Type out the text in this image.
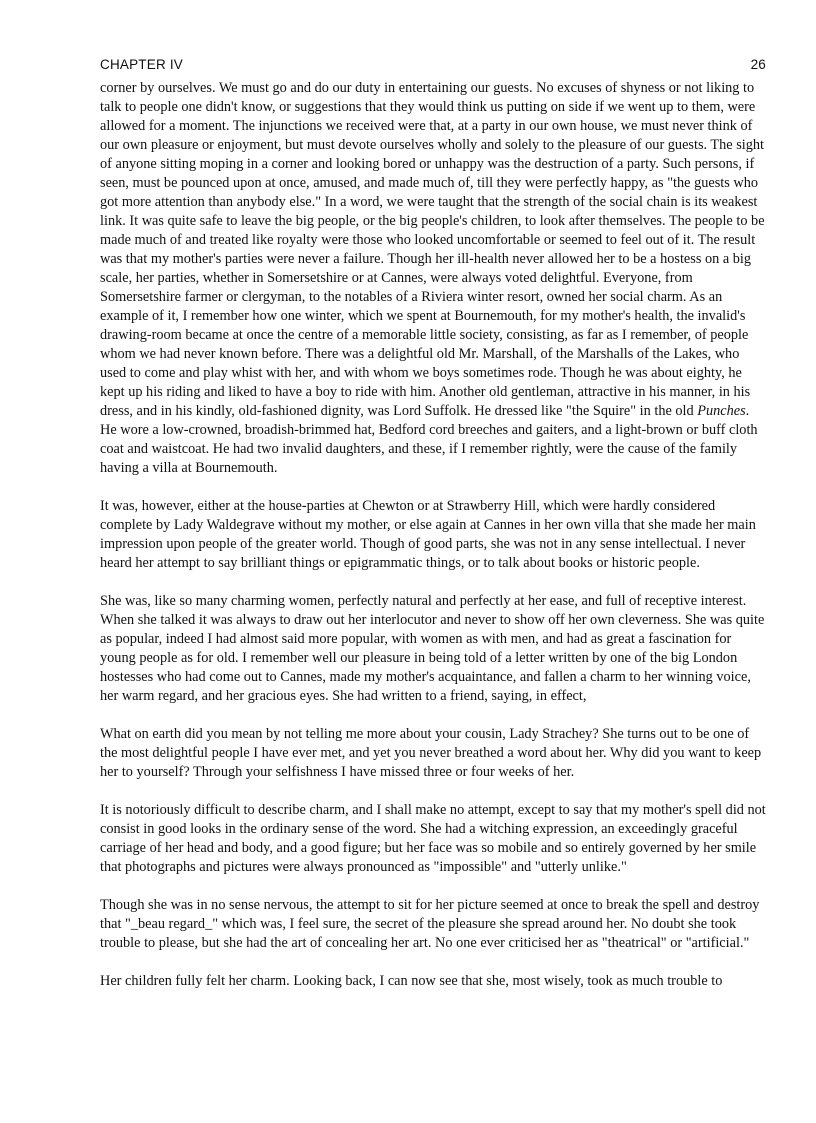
CHAPTER IV	26

corner by ourselves. We must go and do our duty in entertaining our guests. No excuses of shyness or not liking to talk to people one didn't know, or suggestions that they would think us putting on side if we went up to them, were allowed for a moment. The injunctions we received were that, at a party in our own house, we must never think of our own pleasure or enjoyment, but must devote ourselves wholly and solely to the pleasure of our guests. The sight of anyone sitting moping in a corner and looking bored or unhappy was the destruction of a party. Such persons, if seen, must be pounced upon at once, amused, and made much of, till they were perfectly happy, as "the guests who got more attention than anybody else." In a word, we were taught that the strength of the social chain is its weakest link. It was quite safe to leave the big people, or the big people's children, to look after themselves. The people to be made much of and treated like royalty were those who looked uncomfortable or seemed to feel out of it. The result was that my mother's parties were never a failure. Though her ill-health never allowed her to be a hostess on a big scale, her parties, whether in Somersetshire or at Cannes, were always voted delightful. Everyone, from Somersetshire farmer or clergyman, to the notables of a Riviera winter resort, owned her social charm. As an example of it, I remember how one winter, which we spent at Bournemouth, for my mother's health, the invalid's drawing-room became at once the centre of a memorable little society, consisting, as far as I remember, of people whom we had never known before. There was a delightful old Mr. Marshall, of the Marshalls of the Lakes, who used to come and play whist with her, and with whom we boys sometimes rode. Though he was about eighty, he kept up his riding and liked to have a boy to ride with him. Another old gentleman, attractive in his manner, in his dress, and in his kindly, old-fashioned dignity, was Lord Suffolk. He dressed like "the Squire" in the old Punches. He wore a low-crowned, broadish-brimmed hat, Bedford cord breeches and gaiters, and a light-brown or buff cloth coat and waistcoat. He had two invalid daughters, and these, if I remember rightly, were the cause of the family having a villa at Bournemouth.

It was, however, either at the house-parties at Chewton or at Strawberry Hill, which were hardly considered complete by Lady Waldegrave without my mother, or else again at Cannes in her own villa that she made her main impression upon people of the greater world. Though of good parts, she was not in any sense intellectual. I never heard her attempt to say brilliant things or epigrammatic things, or to talk about books or historic people.

She was, like so many charming women, perfectly natural and perfectly at her ease, and full of receptive interest. When she talked it was always to draw out her interlocutor and never to show off her own cleverness. She was quite as popular, indeed I had almost said more popular, with women as with men, and had as great a fascination for young people as for old. I remember well our pleasure in being told of a letter written by one of the big London hostesses who had come out to Cannes, made my mother's acquaintance, and fallen a charm to her winning voice, her warm regard, and her gracious eyes. She had written to a friend, saying, in effect,

What on earth did you mean by not telling me more about your cousin, Lady Strachey? She turns out to be one of the most delightful people I have ever met, and yet you never breathed a word about her. Why did you want to keep her to yourself? Through your selfishness I have missed three or four weeks of her.

It is notoriously difficult to describe charm, and I shall make no attempt, except to say that my mother's spell did not consist in good looks in the ordinary sense of the word. She had a witching expression, an exceedingly graceful carriage of her head and body, and a good figure; but her face was so mobile and so entirely governed by her smile that photographs and pictures were always pronounced as "impossible" and "utterly unlike."

Though she was in no sense nervous, the attempt to sit for her picture seemed at once to break the spell and destroy that "_beau regard_" which was, I feel sure, the secret of the pleasure she spread around her. No doubt she took trouble to please, but she had the art of concealing her art. No one ever criticised her as "theatrical" or "artificial."

Her children fully felt her charm. Looking back, I can now see that she, most wisely, took as much trouble to
